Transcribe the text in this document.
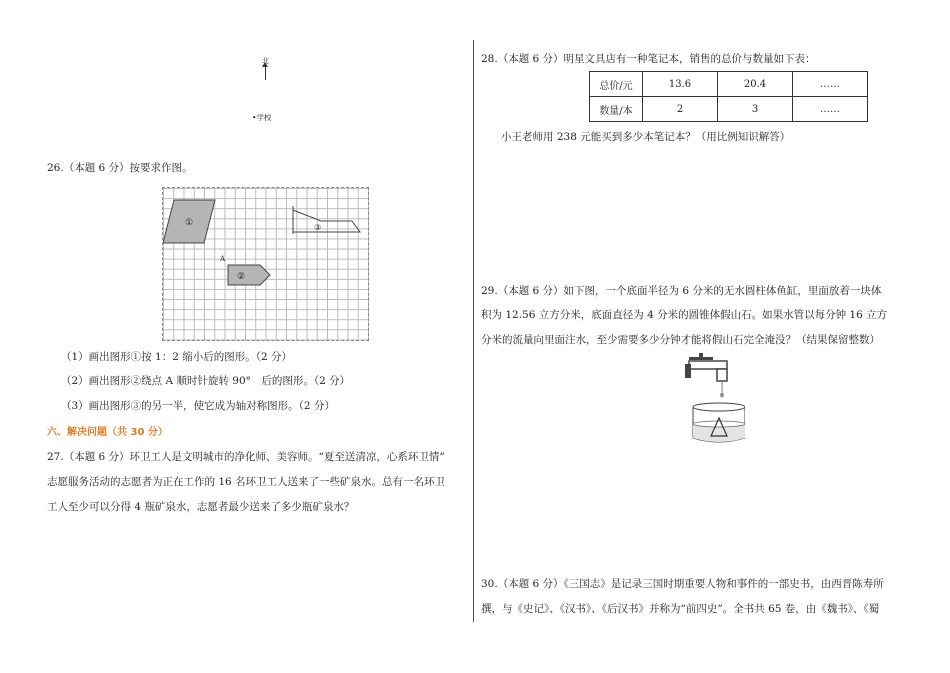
北
•学校
26.（本题 6 分）按要求作图。
①
②
A
③
（1）画出图形①按 1：2 缩小后的图形。（2 分）
（2）画出图形②绕点 A 顺时针旋转 90°　后的图形。（2 分）
（3）画出图形③的另一半，使它成为轴对称图形。（2 分）
六、解决问题（共 30 分）
27.（本题 6 分）环卫工人是文明城市的净化师、美容师。“夏至送清凉，心系环卫情”
志愿服务活动的志愿者为正在工作的 16 名环卫工人送来了一些矿泉水。总有一名环卫
工人至少可以分得 4 瓶矿泉水，志愿者最少送来了多少瓶矿泉水？
28.（本题 6 分）明星文具店有一种笔记本，销售的总价与数量如下表：
总价/元	13.6	20.4	……
数量/本	2	3	……
小王老师用 238 元能买到多少本笔记本？（用比例知识解答）
29.（本题 6 分）如下图，一个底面半径为 6 分米的无水圆柱体鱼缸，里面放着一块体
积为 12.56 立方分米，底面直径为 4 分米的圆锥体假山石。如果水管以每分钟 16 立方
分米的流量向里面注水，至少需要多少分钟才能将假山石完全淹没？（结果保留整数）
30.（本题 6 分）《三国志》是记录三国时期重要人物和事件的一部史书，由西晋陈寿所
撰，与《史记》、《汉书》、《后汉书》并称为“前四史”。全书共 65 卷，由《魏书》、《蜀
